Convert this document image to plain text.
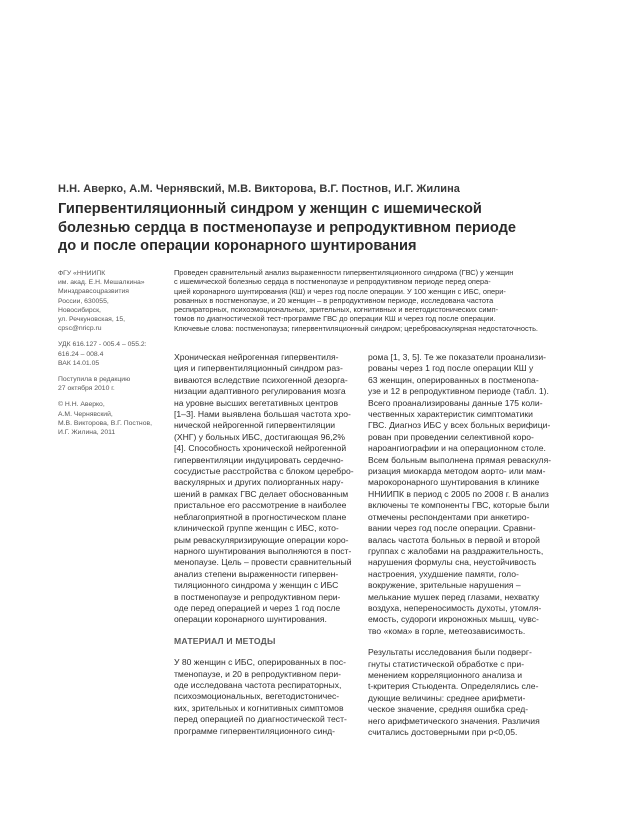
Н.Н. Аверко, А.М. Чернявский, М.В. Викторова, В.Г. Постнов, И.Г. Жилина
Гипервентиляционный синдром у женщин с ишемической
болезнью сердца в постменопаузе и репродуктивном периоде
до и после операции коронарного шунтирования
ФГУ «ННИИПК
им. акад. Е.Н. Мешалкина»
Минздравсоцразвития
России, 630055,
Новосибирск,
ул. Речкуновская, 15,
cpsc@nricp.ru
УДК 616.127 - 005.4 – 055.2:
616.24 – 008.4
ВАК 14.01.05
Поступила в редакцию
27 октября 2010 г.
© Н.Н. Аверко,
А.М. Чернявский,
М.В. Викторова, В.Г. Постнов,
И.Г. Жилина, 2011
Проведен сравнительный анализ выраженности гипервентиляционного синдрома (ГВС) у женщин
с ишемической болезнью сердца в постменопаузе и репродуктивном периоде перед опера-
цией коронарного шунтирования (КШ) и через год после операции. У 100 женщин с ИБС, опери-
рованных в постменопаузе, и 20 женщин – в репродуктивном периоде, исследована частота
респираторных, психоэмоциональных, зрительных, когнитивных и вегетодистонических симп-
томов по диагностической тест-программе ГВС до операции КШ и через год после операции.
Ключевые слова: постменопауза; гипервентиляционный синдром; церебровaскулярная недостаточность.
Хроническая нейрогенная гипервентиля-
ция и гипервентиляционный синдром раз-
виваются вследствие психогенной дезорга-
низации адаптивного регулирования мозга
на уровне высших вегетативных центров
[1–3]. Нами выявлена большая частота хро-
нической нейрогенной гипервентиляции
(ХНГ) у больных ИБС, достигающая 96,2%
[4]. Способность хронической нейрогенной
гипервентиляции индуцировать сердечно-
сосудистые расстройства с блоком церебро-
васкулярных и других полиорганных нару-
шений в рамках ГВС делает обоснованным
пристальное его рассмотрение в наиболее
неблагоприятной в прогностическом плане
клинической группе женщин с ИБС, кото-
рым реваскуляризирующие операции коро-
нарного шунтирования выполняются в пост-
менопаузе. Цель – провести сравнительный
анализ степени выраженности гипервен-
тиляционного синдрома у женщин с ИБС
в постменопаузе и репродуктивном пери-
оде перед операцией и через 1 год после
операции коронарного шунтирования.
МАТЕРИАЛ И МЕТОДЫ
У 80 женщин с ИБС, оперированных в пос-
тменопаузе, и 20 в репродуктивном пери-
оде исследована частота респираторных,
психоэмоциональных, вегетодистоничес-
ких, зрительных и когнитивных симптомов
перед операцией по диагностической тест-
программе гипервентиляционного синд-
рома [1, 3, 5]. Те же показатели проанализи-
рованы через 1 год после операции КШ у
63 женщин, оперированных в постменопа-
узе и 12 в репродуктивном периоде (табл. 1).
Всего проанализированы данные 175 коли-
чественных характеристик симптоматики
ГВС. Диагноз ИБС у всех больных верифици-
рован при проведении селективной коро-
нароангиографии и на операционном столе.
Всем больным выполнена прямая реваскуля-
ризация миокарда методом аорто- или мам-
марокоронарного шунтирования в клинике
ННИИПК в период с 2005 по 2008 г. В анализ
включены те компоненты ГВС, которые были
отмечены респондентами при анкетиро-
вании через год после операции. Сравни-
валась частота больных в первой и второй
группах с жалобами на раздражительность,
нарушения формулы сна, неустойчивость
настроения, ухудшение памяти, голо-
вокружение, зрительные нарушения –
мелькание мушек перед глазами, нехватку
воздуха, непереносимость духоты, утомля-
емость, судороги икроножных мышц, чувс-
тво «кома» в горле, метеозависимость.
Результаты исследования были подверг-
гнуты статистической обработке с при-
менением корреляционного анализа и
t-критерия Стьюдента. Определялись сле-
дующие величины: среднее арифмети-
ческое значение, средняя ошибка сред-
него арифметического значения. Различия
считались достоверными при р<0,05.
